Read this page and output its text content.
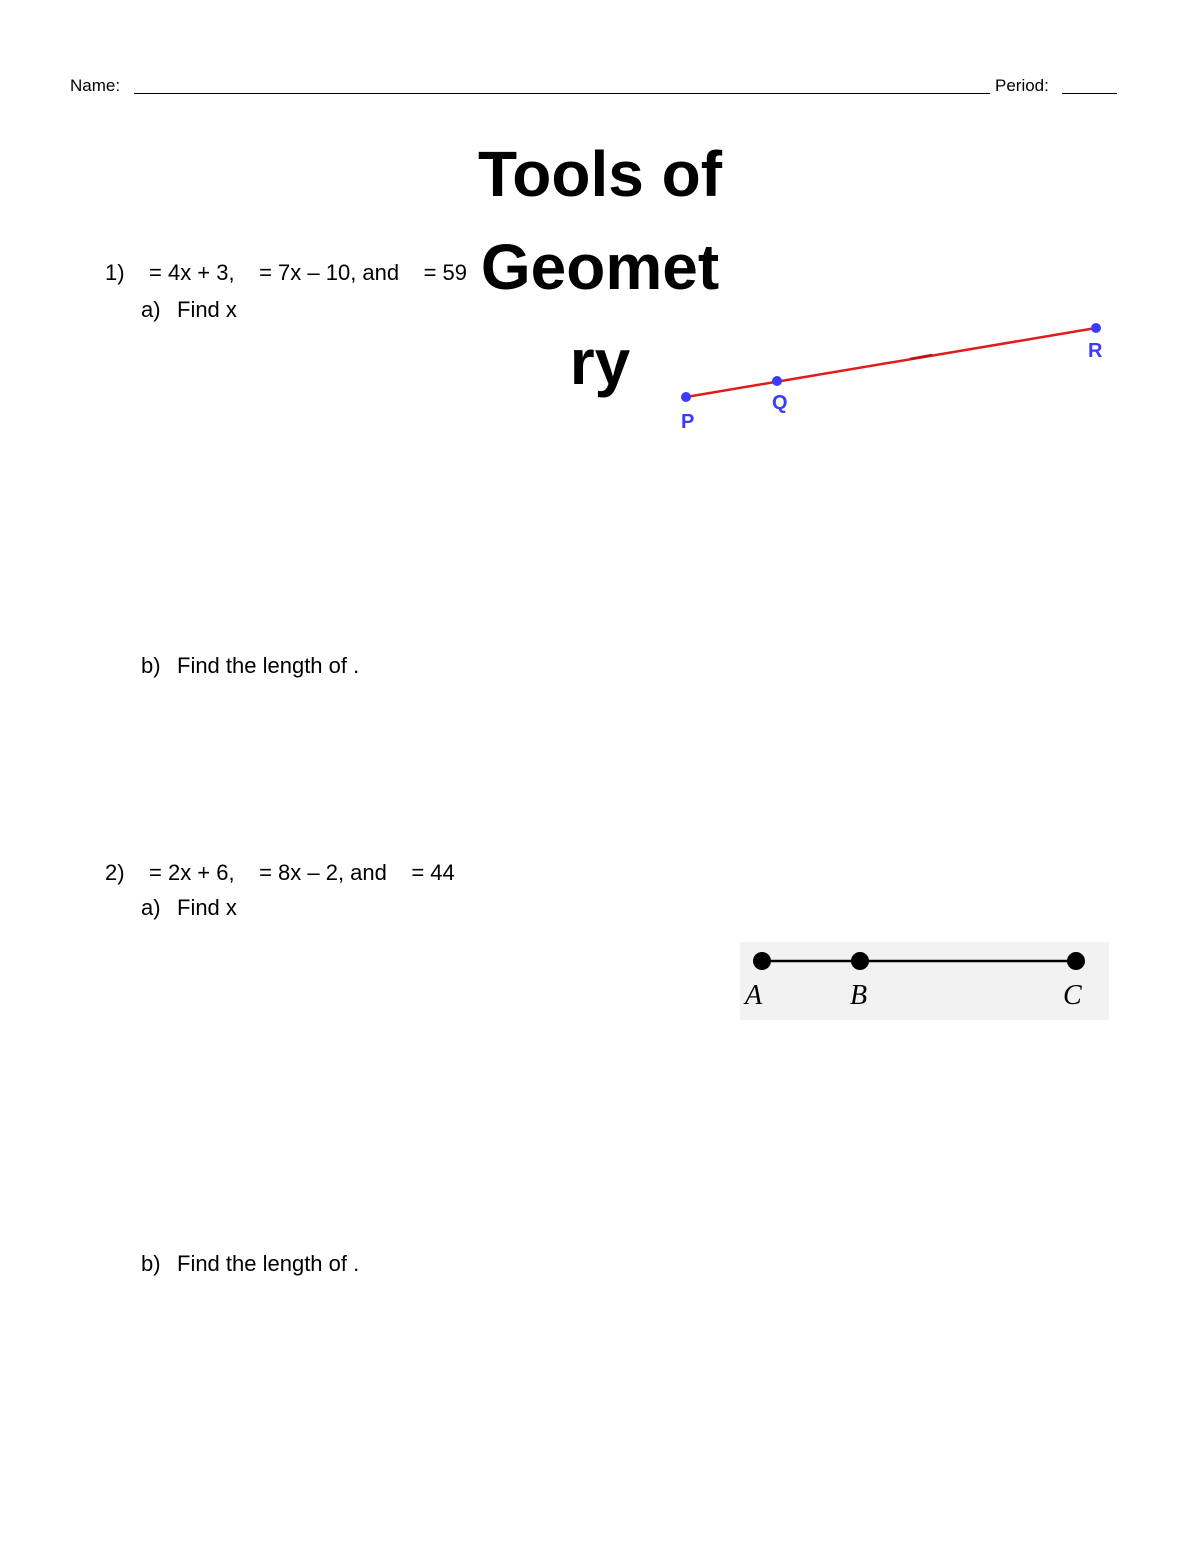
Name:	Period:
Tools of
Geomet
ry
1) = 4x + 3,    = 7x – 10, and    = 59
a) Find x
b) Find the length of .
P
Q
R
2) = 2x + 6,    = 8x – 2, and    = 44
a) Find x
b) Find the length of .
A	B	C
